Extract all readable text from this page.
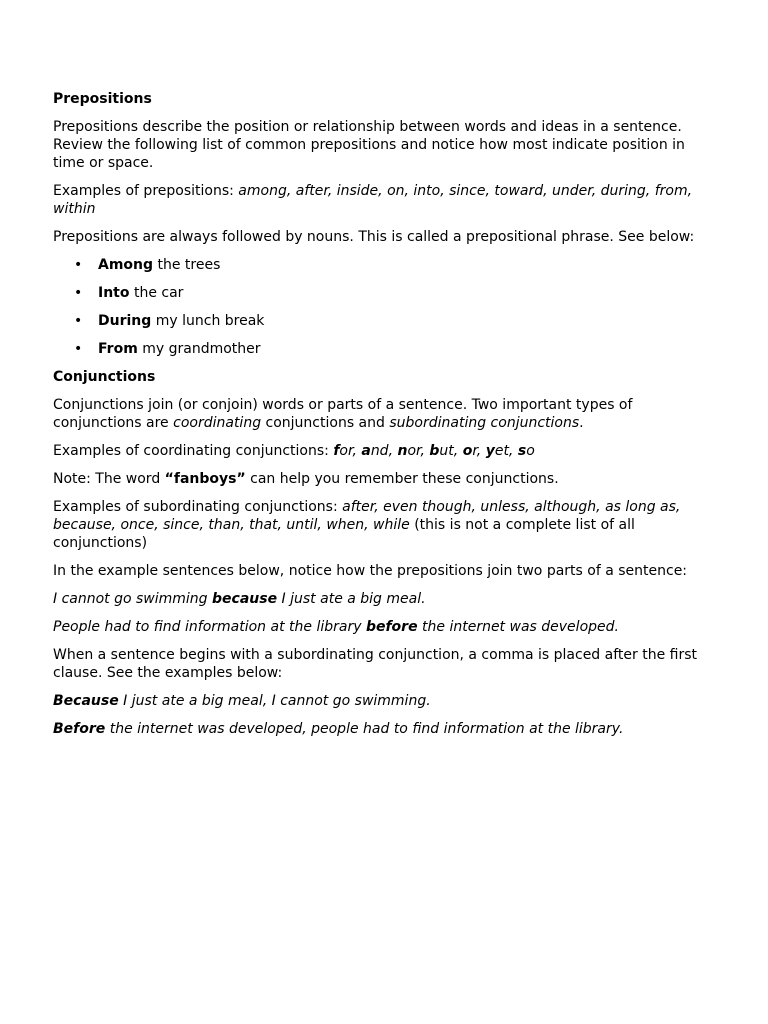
Prepositions

Prepositions describe the position or relationship between words and ideas in a sentence. Review the following list of common prepositions and notice how most indicate position in time or space.

Examples of prepositions: among, after, inside, on, into, since, toward, under, during, from, within

Prepositions are always followed by nouns. This is called a prepositional phrase. See below:

• Among the trees
• Into the car
• During my lunch break
• From my grandmother
Conjunctions

Conjunctions join (or conjoin) words or parts of a sentence. Two important types of conjunctions are coordinating conjunctions and subordinating conjunctions.

Examples of coordinating conjunctions: for, and, nor, but, or, yet, so

Note: The word “fanboys” can help you remember these conjunctions.

Examples of subordinating conjunctions: after, even though, unless, although, as long as, because, once, since, than, that, until, when, while (this is not a complete list of all conjunctions)

In the example sentences below, notice how the prepositions join two parts of a sentence:

I cannot go swimming because I just ate a big meal.

People had to find information at the library before the internet was developed.

When a sentence begins with a subordinating conjunction, a comma is placed after the first clause. See the examples below:

Because I just ate a big meal, I cannot go swimming.

Before the internet was developed, people had to find information at the library.
